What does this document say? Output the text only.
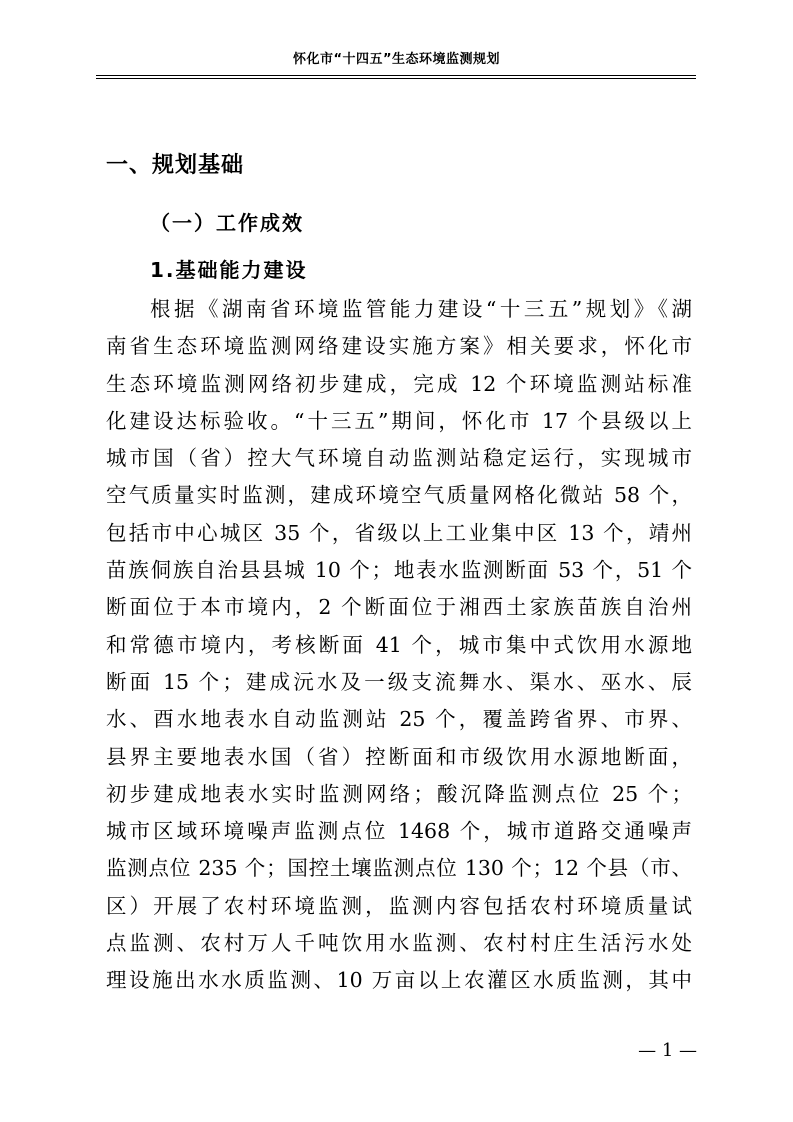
怀化市“十四五”生态环境监测规划
一、规划基础
（一）工作成效
1.基础能力建设
根据《湖南省环境监管能力建设“十三五”规划》《湖
南省生态环境监测网络建设实施方案》相关要求，怀化市
生态环境监测网络初步建成，完成 12 个环境监测站标准
化建设达标验收。“十三五”期间，怀化市 17 个县级以上
城市国（省）控大气环境自动监测站稳定运行，实现城市
空气质量实时监测，建成环境空气质量网格化微站 58 个，
包括市中心城区 35 个，省级以上工业集中区 13 个，靖州
苗族侗族自治县县城 10 个；地表水监测断面 53 个，51 个
断面位于本市境内，2 个断面位于湘西土家族苗族自治州
和常德市境内，考核断面 41 个，城市集中式饮用水源地
断面 15 个；建成沅水及一级支流舞水、渠水、巫水、辰
水、酉水地表水自动监测站 25 个，覆盖跨省界、市界、
县界主要地表水国（省）控断面和市级饮用水源地断面，
初步建成地表水实时监测网络；酸沉降监测点位 25 个；
城市区域环境噪声监测点位 1468 个，城市道路交通噪声
监测点位 235 个；国控土壤监测点位 130 个；12 个县（市、
区）开展了农村环境监测，监测内容包括农村环境质量试
点监测、农村万人千吨饮用水监测、农村村庄生活污水处
理设施出水水质监测、10 万亩以上农灌区水质监测，其中
— 1 —
